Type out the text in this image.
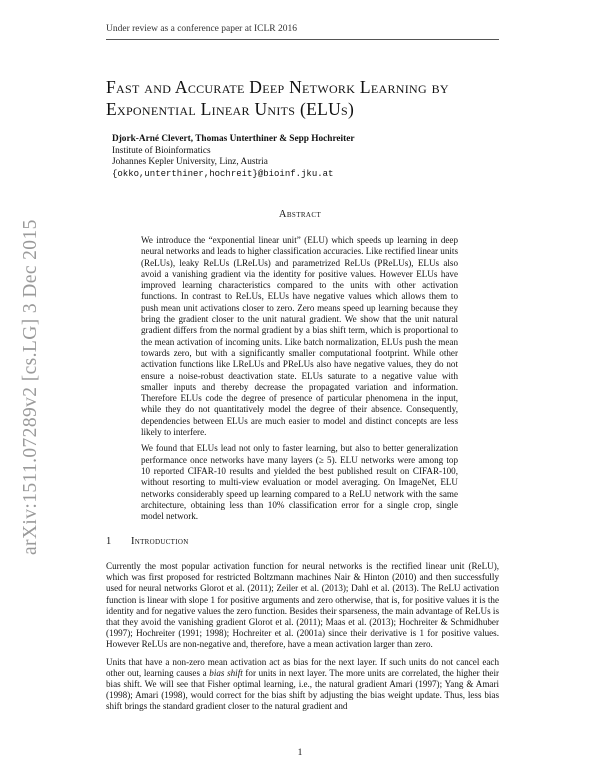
Under review as a conference paper at ICLR 2016
Fast and Accurate Deep Network Learning by
Exponential Linear Units (ELUs)
Djork-Arné Clevert, Thomas Unterthiner & Sepp Hochreiter
Institute of Bioinformatics
Johannes Kepler University, Linz, Austria
{okko,unterthiner,hochreit}@bioinf.jku.at
arXiv:1511.07289v2 [cs.LG] 3 Dec 2015
Abstract

We introduce the “exponential linear unit” (ELU) which speeds up learning in deep neural networks and leads to higher classification accuracies. Like rectified linear units (ReLUs), leaky ReLUs (LReLUs) and parametrized ReLUs (PReLUs), ELUs also avoid a vanishing gradient via the identity for positive values. However ELUs have improved learning characteristics compared to the units with other activation functions. In contrast to ReLUs, ELUs have negative values which allows them to push mean unit activations closer to zero. Zero means speed up learning because they bring the gradient closer to the unit natural gradient. We show that the unit natural gradient differs from the normal gradient by a bias shift term, which is proportional to the mean activation of incoming units. Like batch normalization, ELUs push the mean towards zero, but with a significantly smaller computational footprint. While other activation functions like LReLUs and PReLUs also have negative values, they do not ensure a noise-robust deactivation state. ELUs saturate to a negative value with smaller inputs and thereby decrease the propagated variation and information. Therefore ELUs code the degree of presence of particular phenomena in the input, while they do not quantitatively model the degree of their absence. Consequently, dependencies between ELUs are much easier to model and distinct concepts are less likely to interfere.

We found that ELUs lead not only to faster learning, but also to better generalization performance once networks have many layers (≥ 5). ELU networks were among top 10 reported CIFAR-10 results and yielded the best published result on CIFAR-100, without resorting to multi-view evaluation or model averaging. On ImageNet, ELU networks considerably speed up learning compared to a ReLU network with the same architecture, obtaining less than 10% classification error for a single crop, single model network.

1 Introduction

Currently the most popular activation function for neural networks is the rectified linear unit (ReLU), which was first proposed for restricted Boltzmann machines Nair & Hinton (2010) and then successfully used for neural networks Glorot et al. (2011); Zeiler et al. (2013); Dahl et al. (2013). The ReLU activation function is linear with slope 1 for positive arguments and zero otherwise, that is, for positive values it is the identity and for negative values the zero function. Besides their sparseness, the main advantage of ReLUs is that they avoid the vanishing gradient Glorot et al. (2011); Maas et al. (2013); Hochreiter & Schmidhuber (1997); Hochreiter (1991; 1998); Hochreiter et al. (2001a) since their derivative is 1 for positive values. However ReLUs are non-negative and, therefore, have a mean activation larger than zero.

Units that have a non-zero mean activation act as bias for the next layer. If such units do not cancel each other out, learning causes a bias shift for units in next layer. The more units are correlated, the higher their bias shift. We will see that Fisher optimal learning, i.e., the natural gradient Amari (1997); Yang & Amari (1998); Amari (1998), would correct for the bias shift by adjusting the bias weight update. Thus, less bias shift brings the standard gradient closer to the natural gradient and

1
